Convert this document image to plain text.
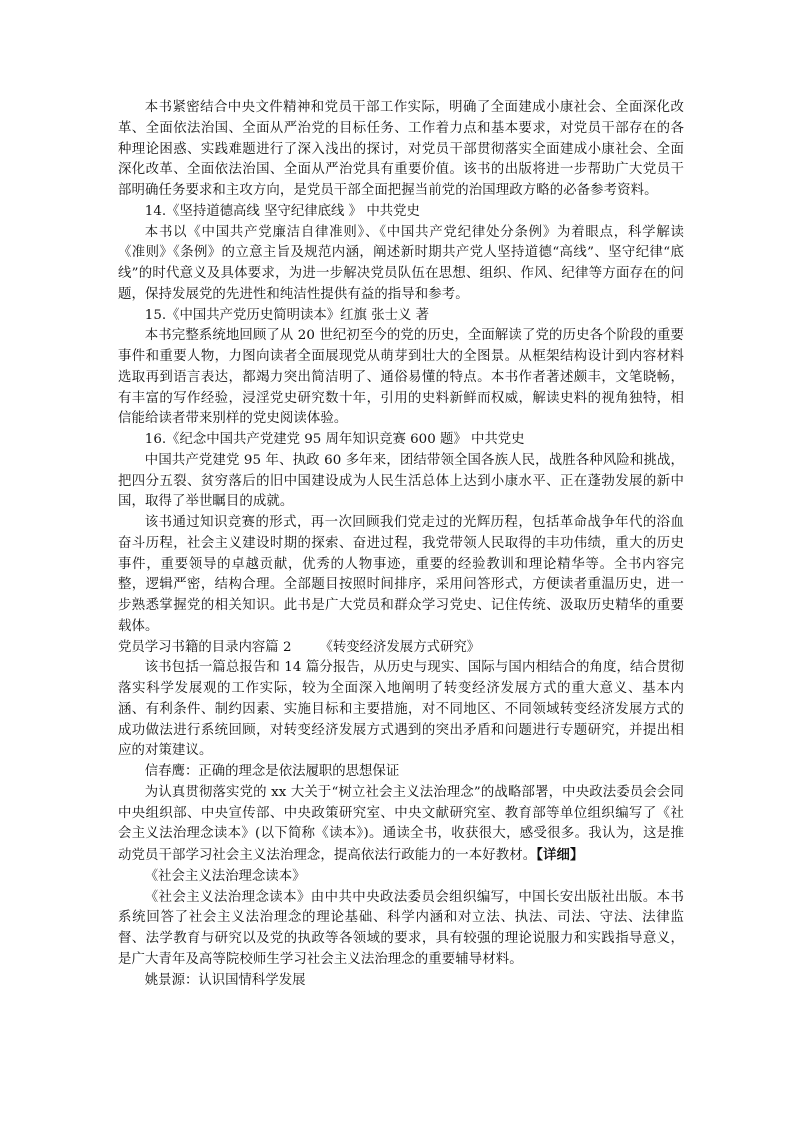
本书紧密结合中央文件精神和党员干部工作实际，明确了全面建成小康社会、全面深化改革、全面依法治国、全面从严治党的目标任务、工作着力点和基本要求，对党员干部存在的各种理论困惑、实践难题进行了深入浅出的探讨，对党员干部贯彻落实全面建成小康社会、全面深化改革、全面依法治国、全面从严治党具有重要价值。该书的出版将进一步帮助广大党员干部明确任务要求和主攻方向，是党员干部全面把握当前党的治国理政方略的必备参考资料。

14.《坚持道德高线 坚守纪律底线 》 中共党史

本书以《中国共产党廉洁自律准则》、《中国共产党纪律处分条例》为着眼点，科学解读《准则》《条例》的立意主旨及规范内涵，阐述新时期共产党人坚持道德“高线”、坚守纪律“底线”的时代意义及具体要求，为进一步解决党员队伍在思想、组织、作风、纪律等方面存在的问题，保持发展党的先进性和纯洁性提供有益的指导和参考。

15.《中国共产党历史简明读本》红旗 张士义 著

本书完整系统地回顾了从 20 世纪初至今的党的历史，全面解读了党的历史各个阶段的重要事件和重要人物，力图向读者全面展现党从萌芽到壮大的全图景。从框架结构设计到内容材料选取再到语言表达，都竭力突出简洁明了、通俗易懂的特点。本书作者著述颇丰，文笔晓畅，有丰富的写作经验，浸淫党史研究数十年，引用的史料新鲜而权威，解读史料的视角独特，相信能给读者带来别样的党史阅读体验。

16.《纪念中国共产党建党 95 周年知识竞赛 600 题》 中共党史

中国共产党建党 95 年、执政 60 多年来，团结带领全国各族人民，战胜各种风险和挑战，把四分五裂、贫穷落后的旧中国建设成为人民生活总体上达到小康水平、正在蓬勃发展的新中国，取得了举世瞩目的成就。

该书通过知识竞赛的形式，再一次回顾我们党走过的光辉历程，包括革命战争年代的浴血奋斗历程，社会主义建设时期的探索、奋进过程，我党带领人民取得的丰功伟绩，重大的历史事件，重要领导的卓越贡献，优秀的人物事迹，重要的经验教训和理论精华等。全书内容完整，逻辑严密，结构合理。全部题目按照时间排序，采用问答形式，方便读者重温历史，进一步熟悉掌握党的相关知识。此书是广大党员和群众学习党史、记住传统、汲取历史精华的重要载体。

党员学习书籍的目录内容篇 2 《转变经济发展方式研究》

该书包括一篇总报告和 14 篇分报告，从历史与现实、国际与国内相结合的角度，结合贯彻落实科学发展观的工作实际，较为全面深入地阐明了转变经济发展方式的重大意义、基本内涵、有利条件、制约因素、实施目标和主要措施，对不同地区、不同领域转变经济发展方式的成功做法进行系统回顾，对转变经济发展方式遇到的突出矛盾和问题进行专题研究，并提出相应的对策建议。

信春鹰：正确的理念是依法履职的思想保证

为认真贯彻落实党的 xx 大关于“树立社会主义法治理念”的战略部署，中央政法委员会会同中央组织部、中央宣传部、中央政策研究室、中央文献研究室、教育部等单位组织编写了《社会主义法治理念读本》(以下简称《读本》)。通读全书，收获很大，感受很多。我认为，这是推动党员干部学习社会主义法治理念，提高依法行政能力的一本好教材。【详细】

《社会主义法治理念读本》

《社会主义法治理念读本》由中共中央政法委员会组织编写，中国长安出版社出版。本书系统回答了社会主义法治理念的理论基础、科学内涵和对立法、执法、司法、守法、法律监督、法学教育与研究以及党的执政等各领域的要求，具有较强的理论说服力和实践指导意义，是广大青年及高等院校师生学习社会主义法治理念的重要辅导材料。

姚景源：认识国情科学发展
